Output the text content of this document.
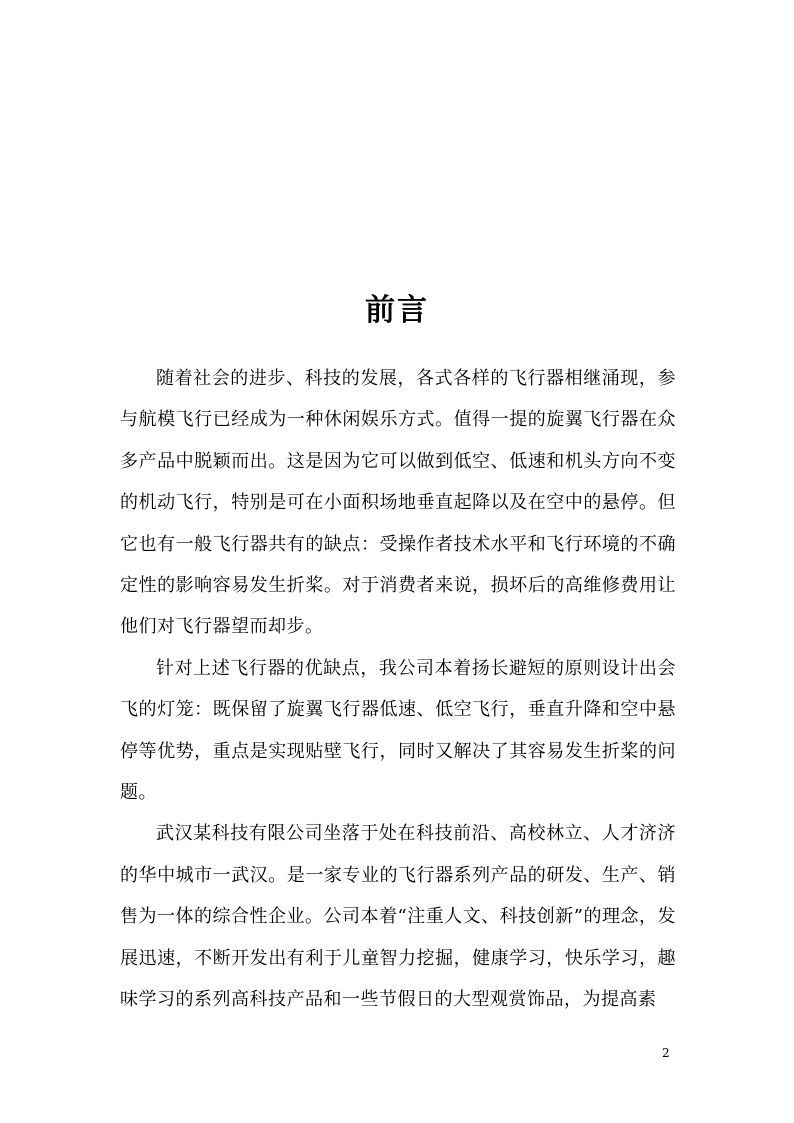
前言

随着社会的进步、科技的发展，各式各样的飞行器相继涌现，参与航模飞行已经成为一种休闲娱乐方式。值得一提的旋翼飞行器在众多产品中脱颖而出。这是因为它可以做到低空、低速和机头方向不变的机动飞行，特别是可在小面积场地垂直起降以及在空中的悬停。但它也有一般飞行器共有的缺点：受操作者技术水平和飞行环境的不确定性的影响容易发生折桨。对于消费者来说，损坏后的高维修费用让他们对飞行器望而却步。

针对上述飞行器的优缺点，我公司本着扬长避短的原则设计出会飞的灯笼：既保留了旋翼飞行器低速、低空飞行，垂直升降和空中悬停等优势，重点是实现贴壁飞行，同时又解决了其容易发生折桨的问题。

武汉某科技有限公司坐落于处在科技前沿、高校林立、人才济济的华中城市一武汉。是一家专业的飞行器系列产品的研发、生产、销售为一体的综合性企业。公司本着“注重人文、科技创新”的理念，发展迅速，不断开发出有利于儿童智力挖掘，健康学习，快乐学习，趣味学习的系列高科技产品和一些节假日的大型观赏饰品，为提高素

2
